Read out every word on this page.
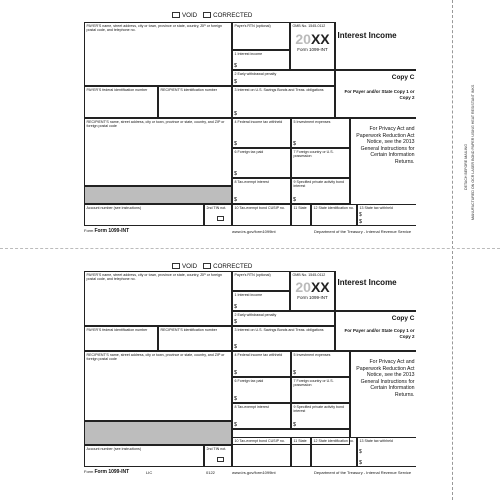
DETACH BEFORE MAILING MANUFACTURED ON OCR LASER BOND PAPER USING HEAT RESISTANT INKS
VOID	CORRECTED
PAYER'S name, street address, city or town, province or state, country, ZIP or foreign postal code, and telephone no.
Payer's RTN (optional)
1 Interest income
$
OMB No. 1545-0112
20XX
Form 1099-INT
Interest Income
2 Early withdrawal penalty
$
Copy C
For Payer and/or State Copy 1 or Copy 2
PAYER'S federal identification number	RECIPIENT'S identification number	3 Interest on U.S. Savings Bonds and Treas. obligations
$
RECIPIENT'S name, street address, city or town, province or state, country, and ZIP or foreign postal code
4 Federal income tax withheld
$
5 Investment expenses
$
6 Foreign tax paid
$
7 Foreign country or U.S. possession
For Privacy Act and Paperwork Reduction Act Notice, see the 2013 General Instructions for Certain Information Returns.
8 Tax-exempt interest
$
9 Specified private activity bond interest
$
Account number (see instructions)	2nd TIN not.	10 Tax-exempt bond CUSIP no.	11 State	12 State identification no. 13 State tax withheld
$
$
Form Form 1099-INT	www.irs.gov/form1099int	Department of the Treasury - Internal Revenue Service
VOID	CORRECTED
PAYER'S name, street address, city or town, province or state, country, ZIP or foreign postal code, and telephone no.
Payer's RTN (optional)
1 Interest income
$
OMB No. 1545-0112
20XX
Form 1099-INT
Interest Income
2 Early withdrawal penalty
$	Copy C
For Payer and/or State Copy 1 or Copy 2
PAYER'S federal identification number	RECIPIENT'S identification number	3 Interest on U.S. Savings Bonds and Treas. obligations
$
RECIPIENT'S name, street address, city or town, province or state, country, and ZIP or foreign postal code
4 Federal income tax withheld
$
5 Investment expenses
$
6 Foreign tax paid
$
7 Foreign country or U.S. possession
For Privacy Act and Paperwork Reduction Act Notice, see the 2013 General Instructions for Certain Information Returns.
8 Tax-exempt interest
$
9 Specified private activity bond interest
$
Account number (see instructions)	2nd TIN not.
10 Tax-exempt bond CUSIP no.	11 State	12 State identification no. 13 State tax withheld
$
$
Form Form 1099-INT	LIC	0122	www.irs.gov/form1099int	Department of the Treasury - Internal Revenue Service
